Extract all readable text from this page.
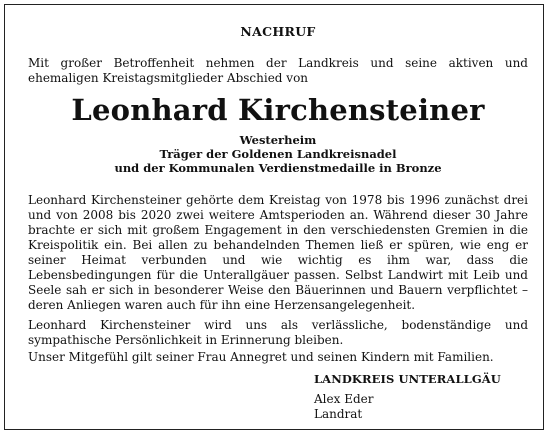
NACHRUF
Mit großer Betroffenheit nehmen der Landkreis und seine aktiven und ehemaligen Kreistagsmitglieder Abschied von
Leonhard Kirchensteiner
Westerheim
Träger der Goldenen Landkreisnadel
und der Kommunalen Verdienstmedaille in Bronze

Leonhard Kirchensteiner gehörte dem Kreistag von 1978 bis 1996 zunächst drei und von 2008 bis 2020 zwei weitere Amtsperioden an. Während dieser 30 Jahre brachte er sich mit großem Engagement in den verschiedensten Gremien in die Kreispolitik ein. Bei allen zu behandelnden Themen ließ er spüren, wie eng er seiner Heimat verbunden und wie wichtig es ihm war, dass die Lebensbedingungen für die Unterallgäuer passen. Selbst Landwirt mit Leib und Seele sah er sich in besonderer Weise den Bäuerinnen und Bauern verpflichtet – deren Anliegen waren auch für ihn eine Herzensangelegenheit.

Leonhard Kirchensteiner wird uns als verlässliche, bodenständige und sympathische Persönlichkeit in Erinnerung bleiben.

Unser Mitgefühl gilt seiner Frau Annegret und seinen Kindern mit Familien.

LANDKREIS UNTERALLGÄU
Alex Eder
Landrat
